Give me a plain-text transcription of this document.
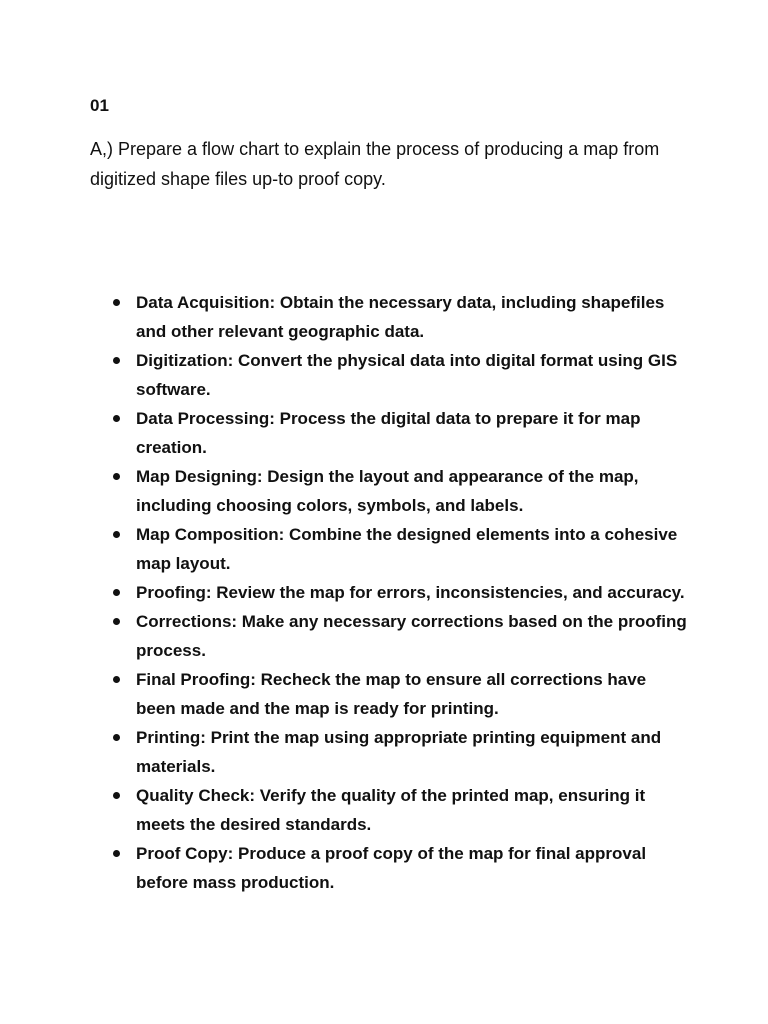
01
A,) Prepare a flow chart to explain the process of producing a map from digitized shape files up-to proof copy.
Data Acquisition: Obtain the necessary data, including shapefiles and other relevant geographic data.
Digitization: Convert the physical data into digital format using GIS software.
Data Processing: Process the digital data to prepare it for map creation.
Map Designing: Design the layout and appearance of the map, including choosing colors, symbols, and labels.
Map Composition: Combine the designed elements into a cohesive map layout.
Proofing: Review the map for errors, inconsistencies, and accuracy.
Corrections: Make any necessary corrections based on the proofing process.
Final Proofing: Recheck the map to ensure all corrections have been made and the map is ready for printing.
Printing: Print the map using appropriate printing equipment and materials.
Quality Check: Verify the quality of the printed map, ensuring it meets the desired standards.
Proof Copy: Produce a proof copy of the map for final approval before mass production.
